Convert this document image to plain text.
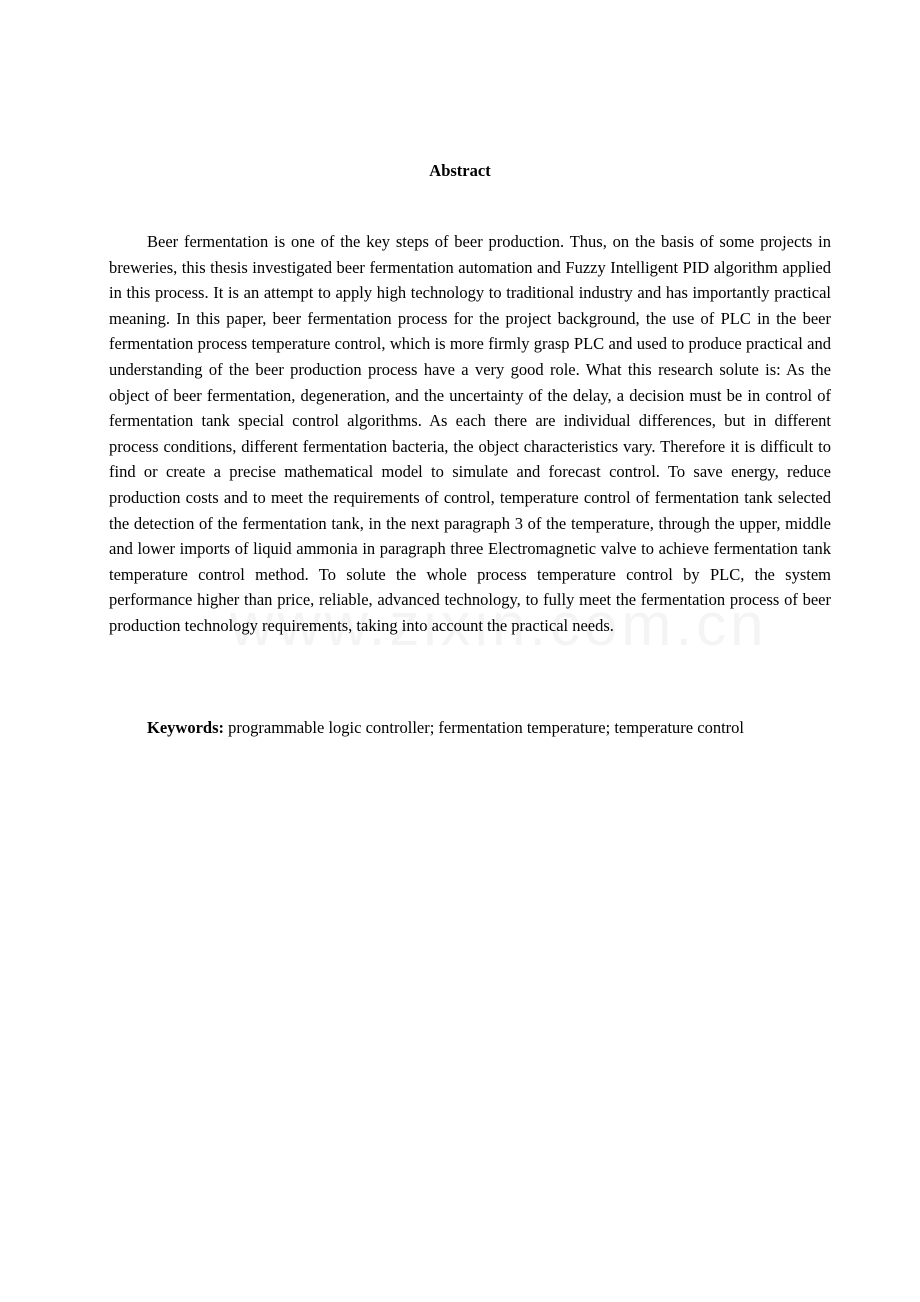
Abstract

Beer fermentation is one of the key steps of beer production. Thus, on the basis of some projects in breweries, this thesis investigated beer fermentation automation and Fuzzy Intelligent PID algorithm applied in this process. It is an attempt to apply high technology to traditional industry and has importantly practical meaning. In this paper, beer fermentation process for the project background, the use of PLC in the beer fermentation process temperature control, which is more firmly grasp PLC and used to produce practical and understanding of the beer production process have a very good role. What this research solute is: As the object of beer fermentation, degeneration, and the uncertainty of the delay, a decision must be in control of fermentation tank special control algorithms. As each there are individual differences, but in different process conditions, different fermentation bacteria, the object characteristics vary. Therefore it is difficult to find or create a precise mathematical model to simulate and forecast control. To save energy, reduce production costs and to meet the requirements of control, temperature control of fermentation tank selected the detection of the fermentation tank, in the next paragraph 3 of the temperature, through the upper, middle and lower imports of liquid ammonia in paragraph three Electromagnetic valve to achieve fermentation tank temperature control method. To solute the whole process temperature control by PLC, the system performance higher than price, reliable, advanced technology, to fully meet the fermentation process of beer production technology requirements, taking into account the practical needs.

Keywords: programmable logic controller; fermentation temperature; temperature control
